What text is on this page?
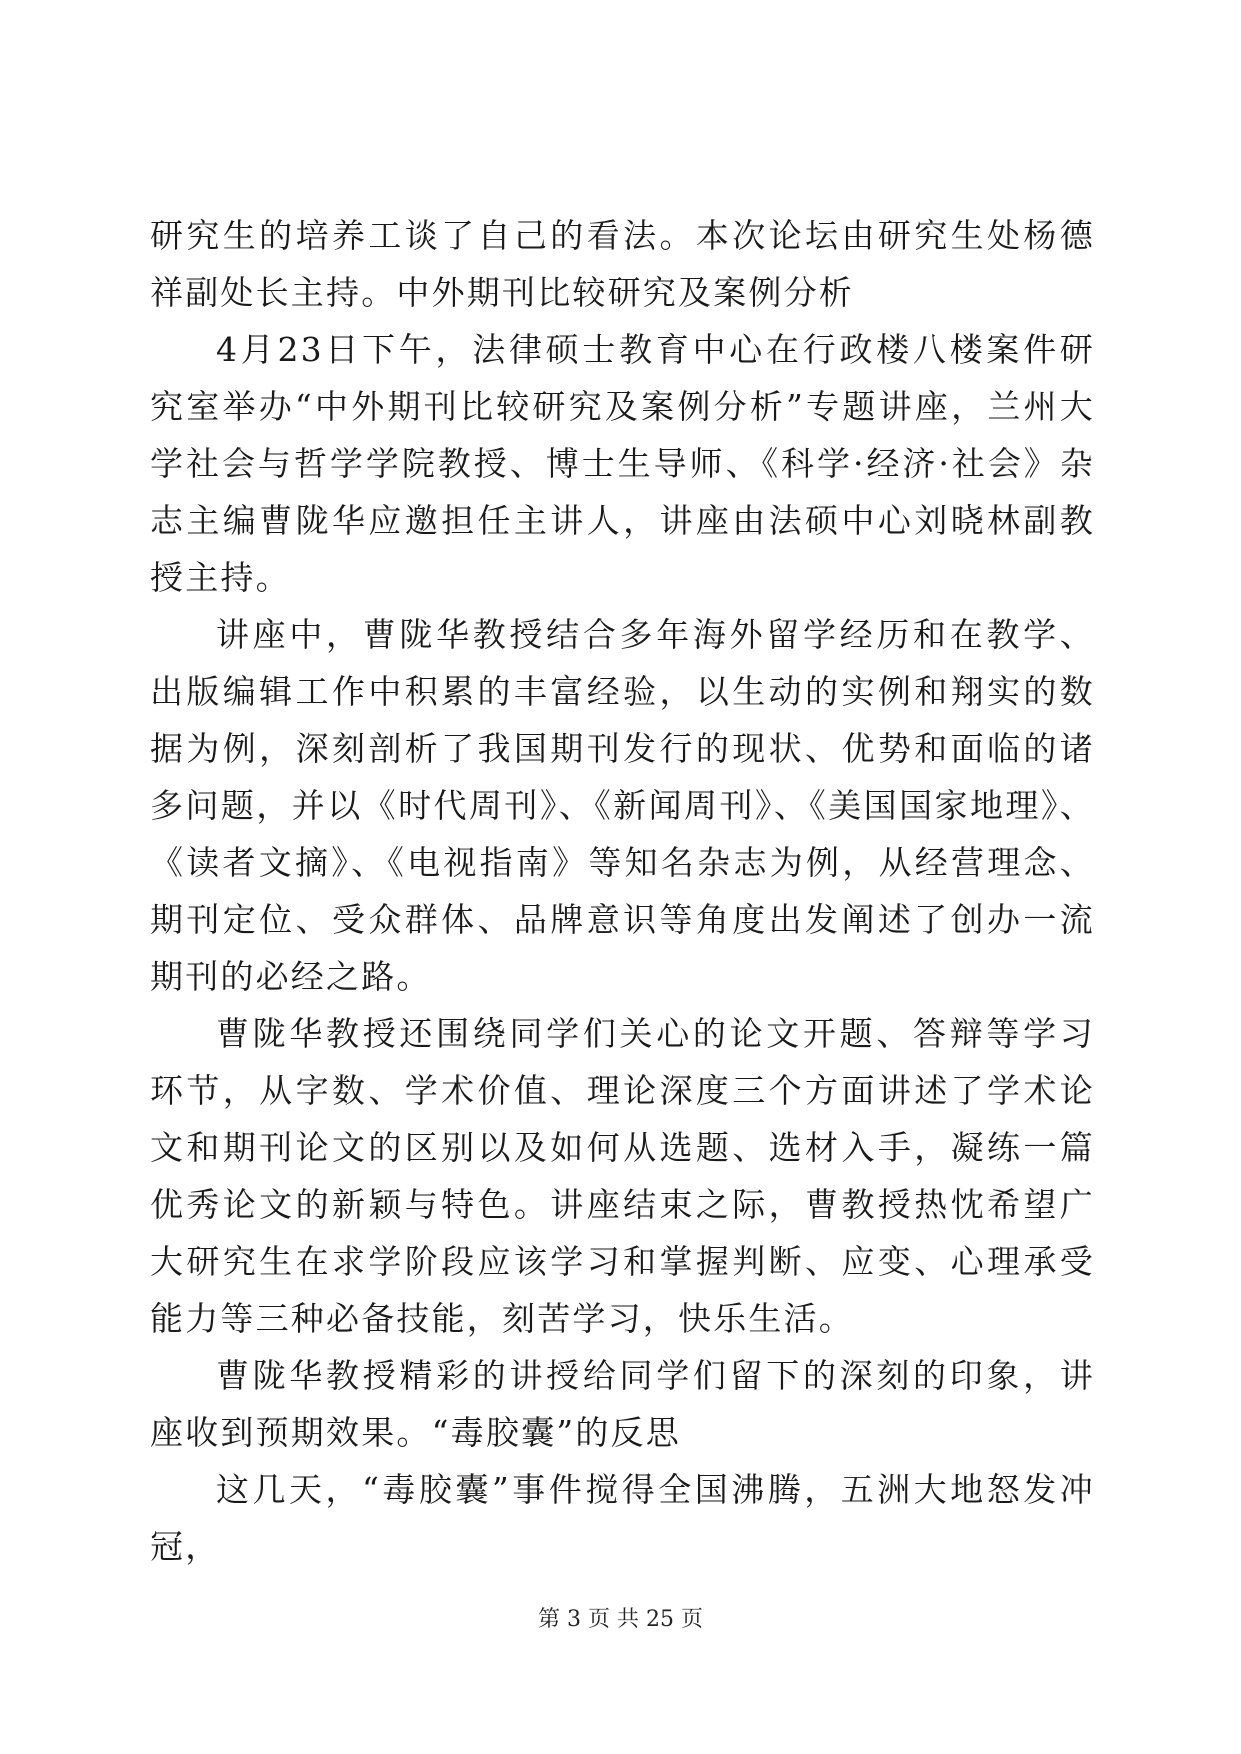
研究生的培养工谈了自己的看法。本次论坛由研究生处杨德祥副处长主持。中外期刊比较研究及案例分析

4月23日下午，法律硕士教育中心在行政楼八楼案件研究室举办“中外期刊比较研究及案例分析”专题讲座，兰州大学社会与哲学学院教授、博士生导师、《科学·经济·社会》杂志主编曹陇华应邀担任主讲人，讲座由法硕中心刘晓林副教授主持。

讲座中，曹陇华教授结合多年海外留学经历和在教学、出版编辑工作中积累的丰富经验，以生动的实例和翔实的数据为例，深刻剖析了我国期刊发行的现状、优势和面临的诸多问题，并以《时代周刊》、《新闻周刊》、《美国国家地理》、《读者文摘》、《电视指南》等知名杂志为例，从经营理念、期刊定位、受众群体、品牌意识等角度出发阐述了创办一流期刊的必经之路。

曹陇华教授还围绕同学们关心的论文开题、答辩等学习环节，从字数、学术价值、理论深度三个方面讲述了学术论文和期刊论文的区别以及如何从选题、选材入手，凝练一篇优秀论文的新颖与特色。讲座结束之际，曹教授热忱希望广大研究生在求学阶段应该学习和掌握判断、应变、心理承受能力等三种必备技能，刻苦学习，快乐生活。

曹陇华教授精彩的讲授给同学们留下的深刻的印象，讲座收到预期效果。“毒胶囊”的反思

这几天，“毒胶囊”事件搅得全国沸腾，五洲大地怒发冲冠，

第 3 页 共 25 页
